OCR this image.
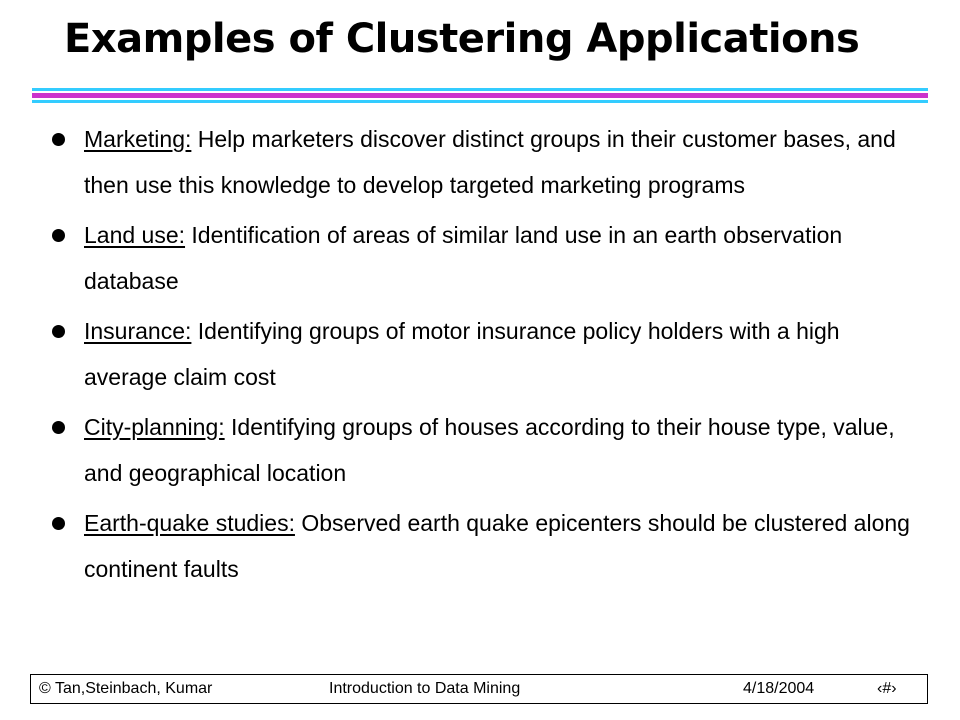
Examples of Clustering Applications
Marketing: Help marketers discover distinct groups in their customer bases, and then use this knowledge to develop targeted marketing programs
Land use: Identification of areas of similar land use in an earth observation database
Insurance: Identifying groups of motor insurance policy holders with a high average claim cost
City-planning: Identifying groups of houses according to their house type, value, and geographical location
Earth-quake studies: Observed earth quake epicenters should be clustered along continent faults
© Tan,Steinbach, Kumar	Introduction to Data Mining	4/18/2004	‹#›
